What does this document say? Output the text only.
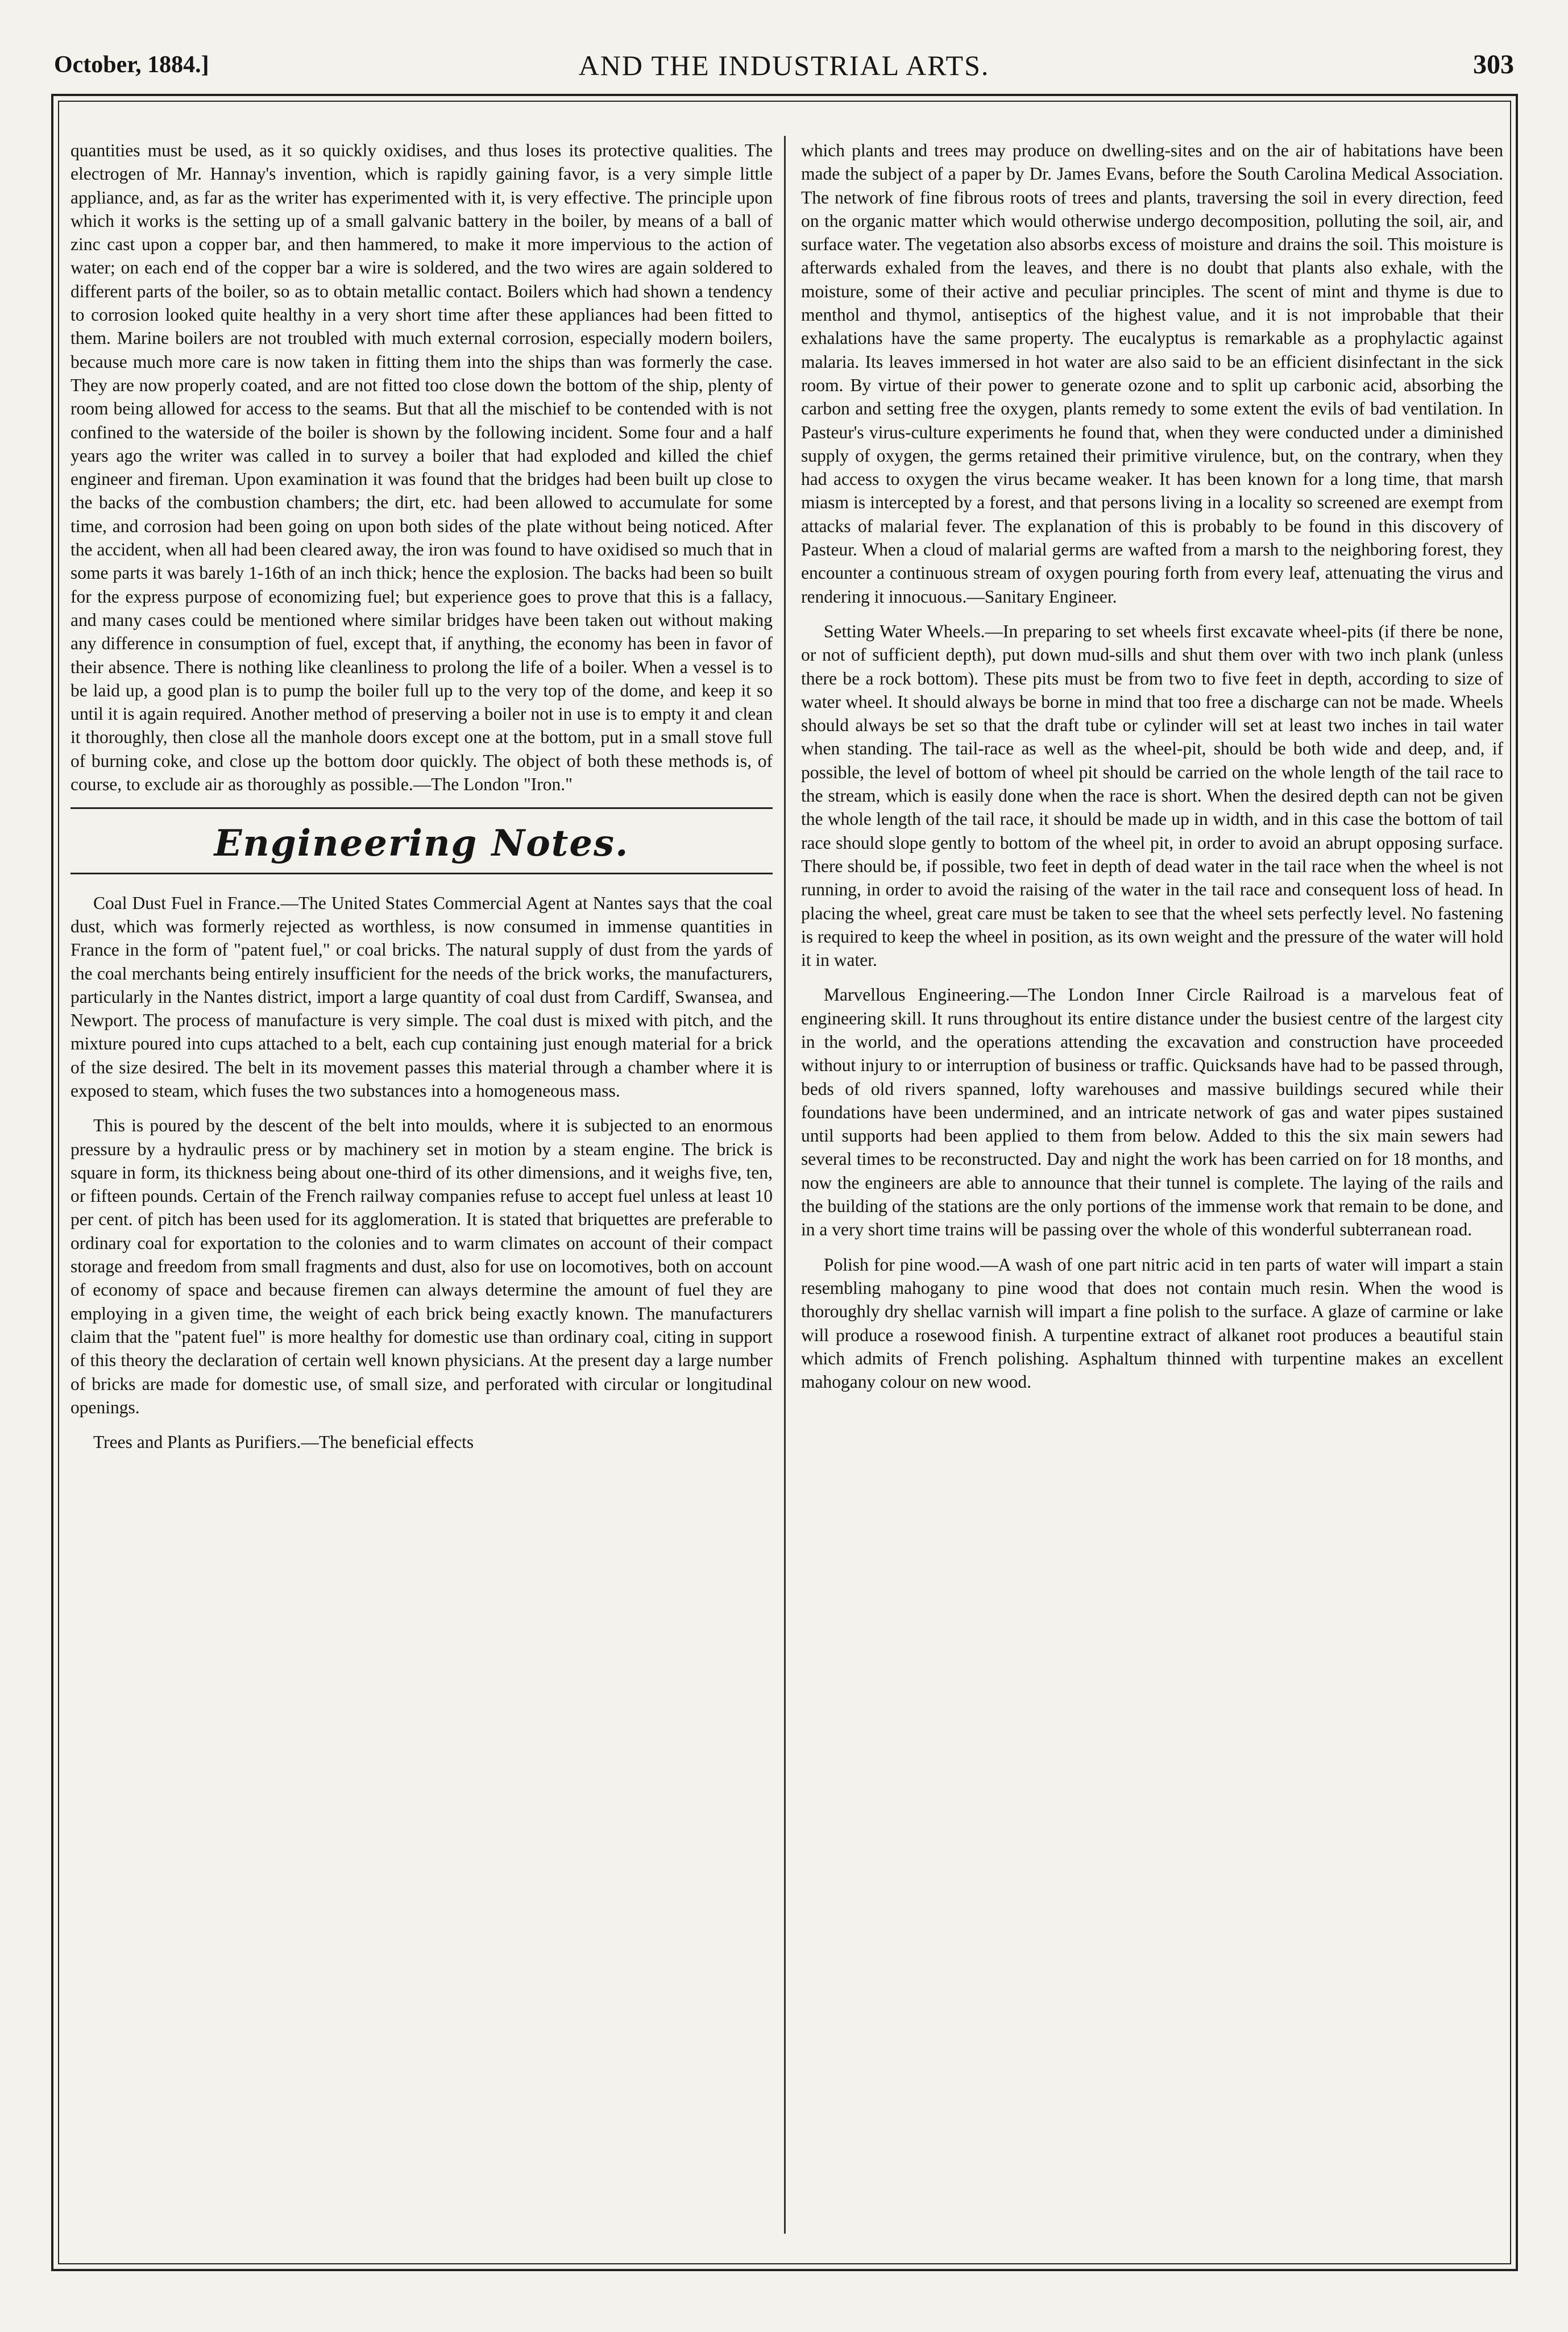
October, 1884.]	AND THE INDUSTRIAL ARTS.	303

quantities must be used, as it so quickly oxidises, and thus loses its protective qualities. The electrogen of Mr. Hannay's invention, which is rapidly gaining favor, is a very simple little appliance, and, as far as the writer has experimented with it, is very effective. The principle upon which it works is the setting up of a small galvanic battery in the boiler, by means of a ball of zinc cast upon a copper bar, and then hammered, to make it more impervious to the action of water; on each end of the copper bar a wire is soldered, and the two wires are again soldered to different parts of the boiler, so as to obtain metallic contact. Boilers which had shown a tendency to corrosion looked quite healthy in a very short time after these appliances had been fitted to them. Marine boilers are not troubled with much external corrosion, especially modern boilers, because much more care is now taken in fitting them into the ships than was formerly the case. They are now properly coated, and are not fitted too close down the bottom of the ship, plenty of room being allowed for access to the seams. But that all the mischief to be contended with is not confined to the waterside of the boiler is shown by the following incident. Some four and a half years ago the writer was called in to survey a boiler that had exploded and killed the chief engineer and fireman. Upon examination it was found that the bridges had been built up close to the backs of the combustion chambers; the dirt, etc. had been allowed to accumulate for some time, and corrosion had been going on upon both sides of the plate without being noticed. After the accident, when all had been cleared away, the iron was found to have oxidised so much that in some parts it was barely 1-16th of an inch thick; hence the explosion. The backs had been so built for the express purpose of economizing fuel; but experience goes to prove that this is a fallacy, and many cases could be mentioned where similar bridges have been taken out without making any difference in consumption of fuel, except that, if anything, the economy has been in favor of their absence. There is nothing like cleanliness to prolong the life of a boiler. When a vessel is to be laid up, a good plan is to pump the boiler full up to the very top of the dome, and keep it so until it is again required. Another method of preserving a boiler not in use is to empty it and clean it thoroughly, then close all the manhole doors except one at the bottom, put in a small stove full of burning coke, and close up the bottom door quickly. The object of both these methods is, of course, to exclude air as thoroughly as possible.—The London "Iron."

Engineering Notes.

Coal Dust Fuel in France.—The United States Commercial Agent at Nantes says that the coal dust, which was formerly rejected as worthless, is now consumed in immense quantities in France in the form of "patent fuel," or coal bricks. The natural supply of dust from the yards of the coal merchants being entirely insufficient for the needs of the brick works, the manufacturers, particularly in the Nantes district, import a large quantity of coal dust from Cardiff, Swansea, and Newport. The process of manufacture is very simple. The coal dust is mixed with pitch, and the mixture poured into cups attached to a belt, each cup containing just enough material for a brick of the size desired. The belt in its movement passes this material through a chamber where it is exposed to steam, which fuses the two substances into a homogeneous mass.

This is poured by the descent of the belt into moulds, where it is subjected to an enormous pressure by a hydraulic press or by machinery set in motion by a steam engine. The brick is square in form, its thickness being about one-third of its other dimensions, and it weighs five, ten, or fifteen pounds. Certain of the French railway companies refuse to accept fuel unless at least 10 per cent. of pitch has been used for its agglomeration. It is stated that briquettes are preferable to ordinary coal for exportation to the colonies and to warm climates on account of their compact storage and freedom from small fragments and dust, also for use on locomotives, both on account of economy of space and because firemen can always determine the amount of fuel they are employing in a given time, the weight of each brick being exactly known. The manufacturers claim that the "patent fuel" is more healthy for domestic use than ordinary coal, citing in support of this theory the declaration of certain well known physicians. At the present day a large number of bricks are made for domestic use, of small size, and perforated with circular or longitudinal openings.

Trees and Plants as Purifiers.—The beneficial effects

which plants and trees may produce on dwelling-sites and on the air of habitations have been made the subject of a paper by Dr. James Evans, before the South Carolina Medical Association. The network of fine fibrous roots of trees and plants, traversing the soil in every direction, feed on the organic matter which would otherwise undergo decomposition, polluting the soil, air, and surface water. The vegetation also absorbs excess of moisture and drains the soil. This moisture is afterwards exhaled from the leaves, and there is no doubt that plants also exhale, with the moisture, some of their active and peculiar principles. The scent of mint and thyme is due to menthol and thymol, antiseptics of the highest value, and it is not improbable that their exhalations have the same property. The eucalyptus is remarkable as a prophylactic against malaria. Its leaves immersed in hot water are also said to be an efficient disinfectant in the sick room. By virtue of their power to generate ozone and to split up carbonic acid, absorbing the carbon and setting free the oxygen, plants remedy to some extent the evils of bad ventilation. In Pasteur's virus-culture experiments he found that, when they were conducted under a diminished supply of oxygen, the germs retained their primitive virulence, but, on the contrary, when they had access to oxygen the virus became weaker. It has been known for a long time, that marsh miasm is intercepted by a forest, and that persons living in a locality so screened are exempt from attacks of malarial fever. The explanation of this is probably to be found in this discovery of Pasteur. When a cloud of malarial germs are wafted from a marsh to the neighboring forest, they encounter a continuous stream of oxygen pouring forth from every leaf, attenuating the virus and rendering it innocuous.—Sanitary Engineer.

Setting Water Wheels.—In preparing to set wheels first excavate wheel-pits (if there be none, or not of sufficient depth), put down mud-sills and shut them over with two inch plank (unless there be a rock bottom). These pits must be from two to five feet in depth, according to size of water wheel. It should always be borne in mind that too free a discharge can not be made. Wheels should always be set so that the draft tube or cylinder will set at least two inches in tail water when standing. The tail-race as well as the wheel-pit, should be both wide and deep, and, if possible, the level of bottom of wheel pit should be carried on the whole length of the tail race to the stream, which is easily done when the race is short. When the desired depth can not be given the whole length of the tail race, it should be made up in width, and in this case the bottom of tail race should slope gently to bottom of the wheel pit, in order to avoid an abrupt opposing surface. There should be, if possible, two feet in depth of dead water in the tail race when the wheel is not running, in order to avoid the raising of the water in the tail race and consequent loss of head. In placing the wheel, great care must be taken to see that the wheel sets perfectly level. No fastening is required to keep the wheel in position, as its own weight and the pressure of the water will hold it in water.

Marvellous Engineering.—The London Inner Circle Railroad is a marvelous feat of engineering skill. It runs throughout its entire distance under the busiest centre of the largest city in the world, and the operations attending the excavation and construction have proceeded without injury to or interruption of business or traffic. Quicksands have had to be passed through, beds of old rivers spanned, lofty warehouses and massive buildings secured while their foundations have been undermined, and an intricate network of gas and water pipes sustained until supports had been applied to them from below. Added to this the six main sewers had several times to be reconstructed. Day and night the work has been carried on for 18 months, and now the engineers are able to announce that their tunnel is complete. The laying of the rails and the building of the stations are the only portions of the immense work that remain to be done, and in a very short time trains will be passing over the whole of this wonderful subterranean road.

Polish for pine wood.—A wash of one part nitric acid in ten parts of water will impart a stain resembling mahogany to pine wood that does not contain much resin. When the wood is thoroughly dry shellac varnish will impart a fine polish to the surface. A glaze of carmine or lake will produce a rosewood finish. A turpentine extract of alkanet root produces a beautiful stain which admits of French polishing. Asphaltum thinned with turpentine makes an excellent mahogany colour on new wood.
